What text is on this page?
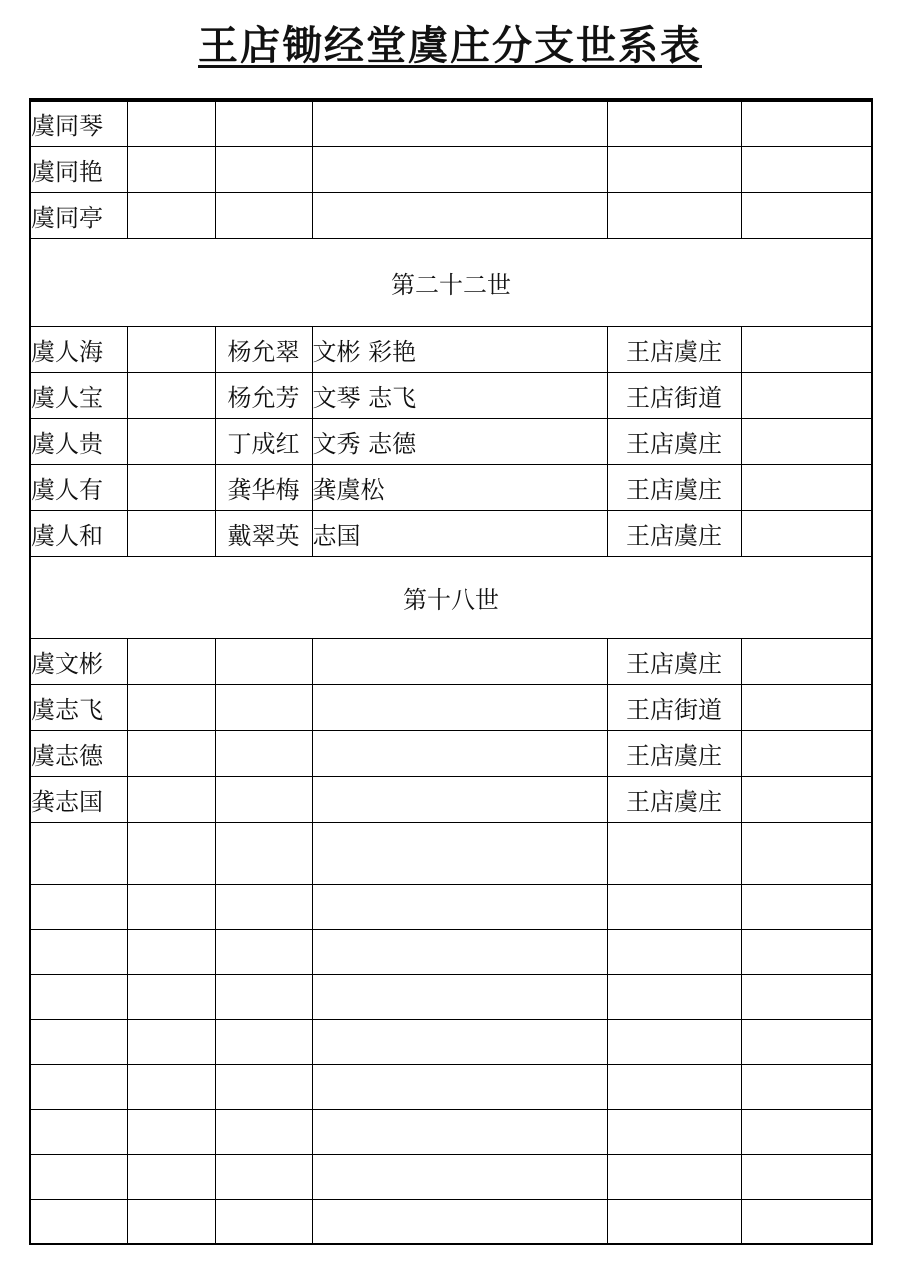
王店锄经堂虞庄分支世系表
虞同琴					
虞同艳					
虞同亭					
第二十二世					
虞人海		杨允翠	文彬 彩艳	王店虞庄	
虞人宝		杨允芳	文琴 志飞	王店街道	
虞人贵		丁成红	文秀 志德	王店虞庄	
虞人有		龚华梅	龚虞松	王店虞庄	
虞人和		戴翠英	志国	王店虞庄	
第十八世					
虞文彬				王店虞庄	
虞志飞				王店街道	
虞志德				王店虞庄	
龚志国				王店虞庄	
